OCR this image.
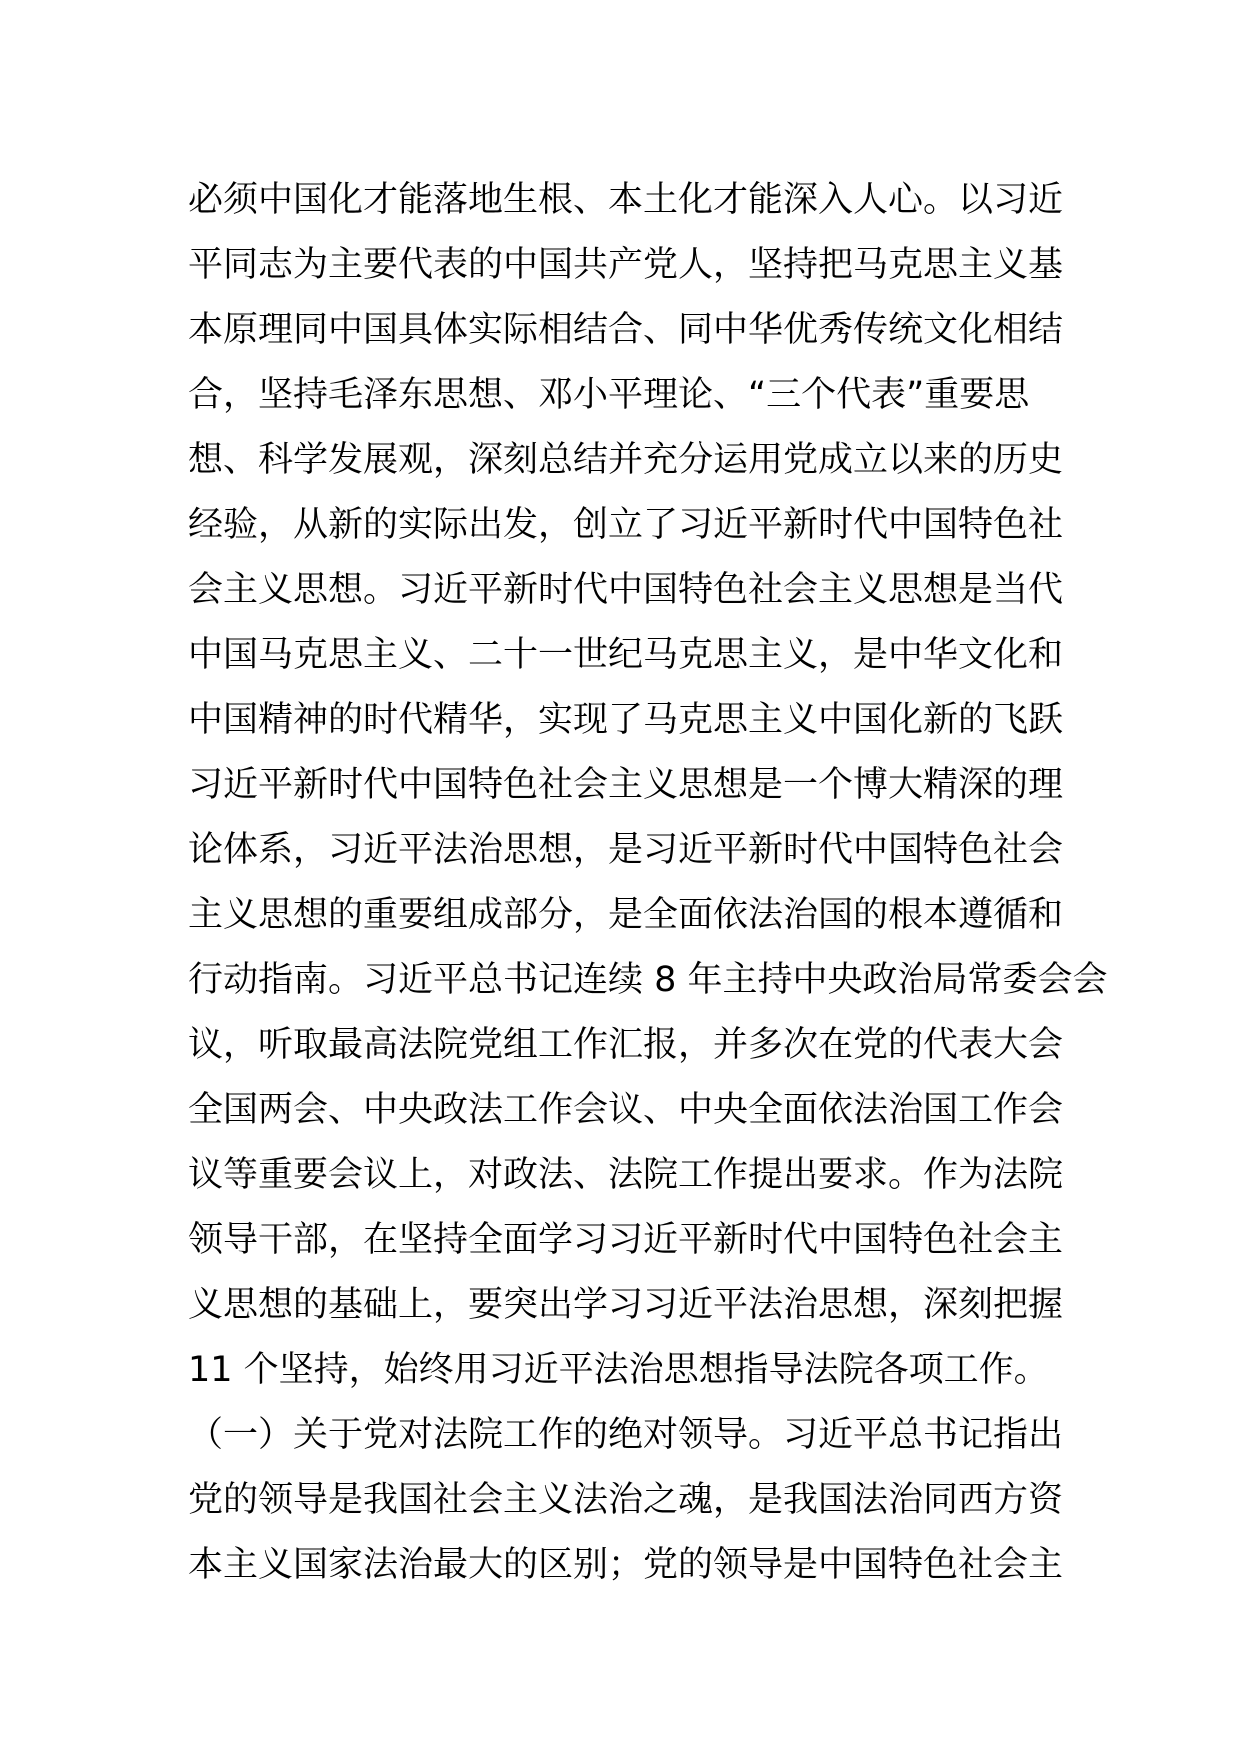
必须中国化才能落地生根、本土化才能深入人心。以习近
平同志为主要代表的中国共产党人，坚持把马克思主义基
本原理同中国具体实际相结合、同中华优秀传统文化相结
合，坚持毛泽东思想、邓小平理论、“三个代表”重要思
想、科学发展观，深刻总结并充分运用党成立以来的历史
经验，从新的实际出发，创立了习近平新时代中国特色社
会主义思想。习近平新时代中国特色社会主义思想是当代
中国马克思主义、二十一世纪马克思主义，是中华文化和
中国精神的时代精华，实现了马克思主义中国化新的飞跃
习近平新时代中国特色社会主义思想是一个博大精深的理
论体系，习近平法治思想，是习近平新时代中国特色社会
主义思想的重要组成部分，是全面依法治国的根本遵循和
行动指南。习近平总书记连续 8 年主持中央政治局常委会会
议，听取最高法院党组工作汇报，并多次在党的代表大会
全国两会、中央政法工作会议、中央全面依法治国工作会
议等重要会议上，对政法、法院工作提出要求。作为法院
领导干部，在坚持全面学习习近平新时代中国特色社会主
义思想的基础上，要突出学习习近平法治思想，深刻把握
11 个坚持，始终用习近平法治思想指导法院各项工作。
（一）关于党对法院工作的绝对领导。习近平总书记指出
党的领导是我国社会主义法治之魂，是我国法治同西方资
本主义国家法治最大的区别；党的领导是中国特色社会主
